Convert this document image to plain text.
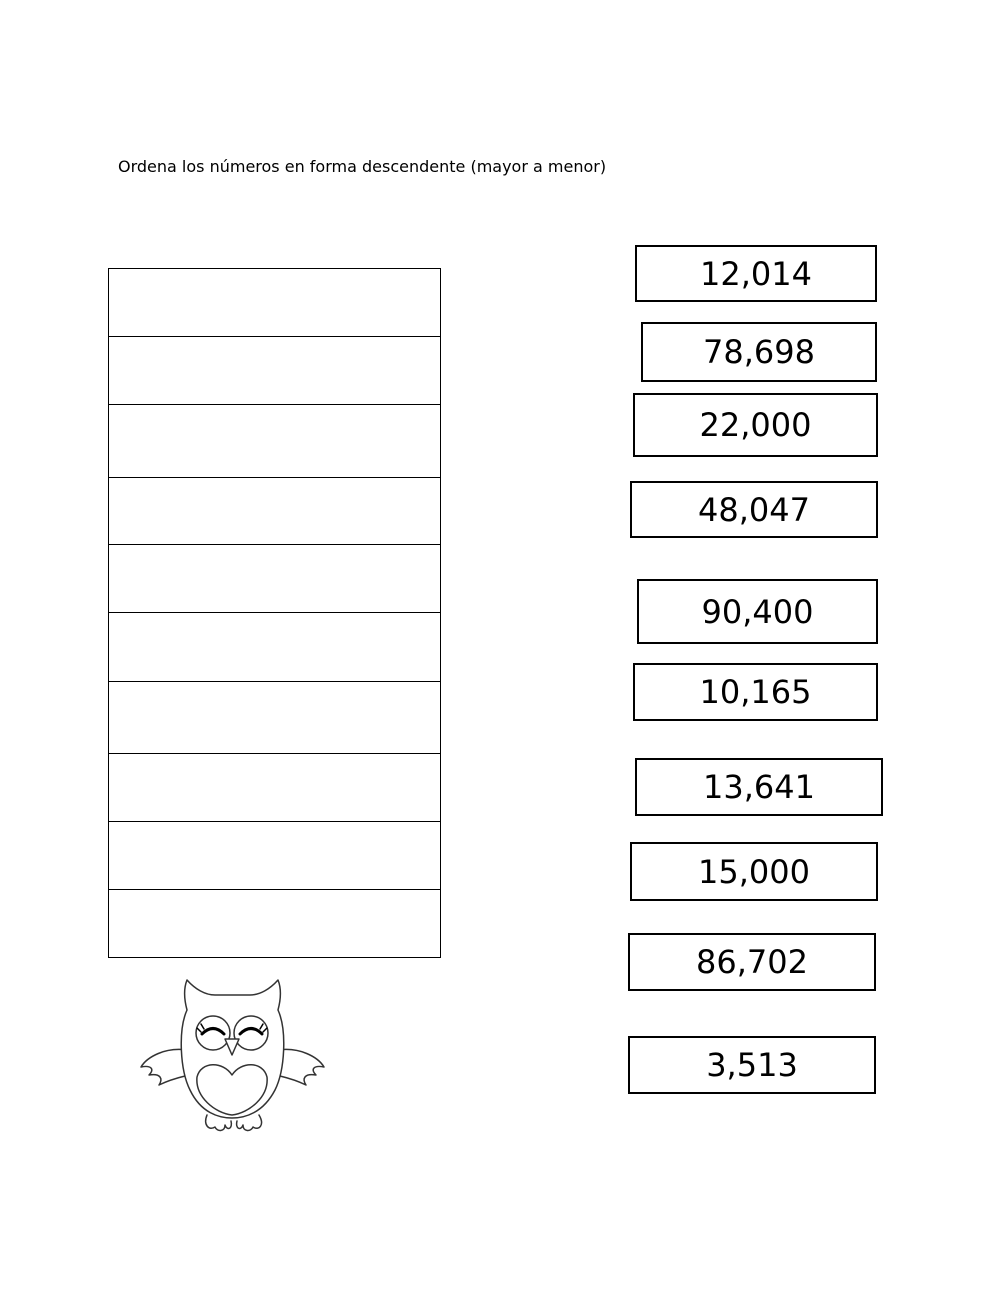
Ordena los números en forma descendente (mayor a menor)
12,014
78,698
22,000
48,047
90,400
10,165
13,641
15,000
86,702
3,513
